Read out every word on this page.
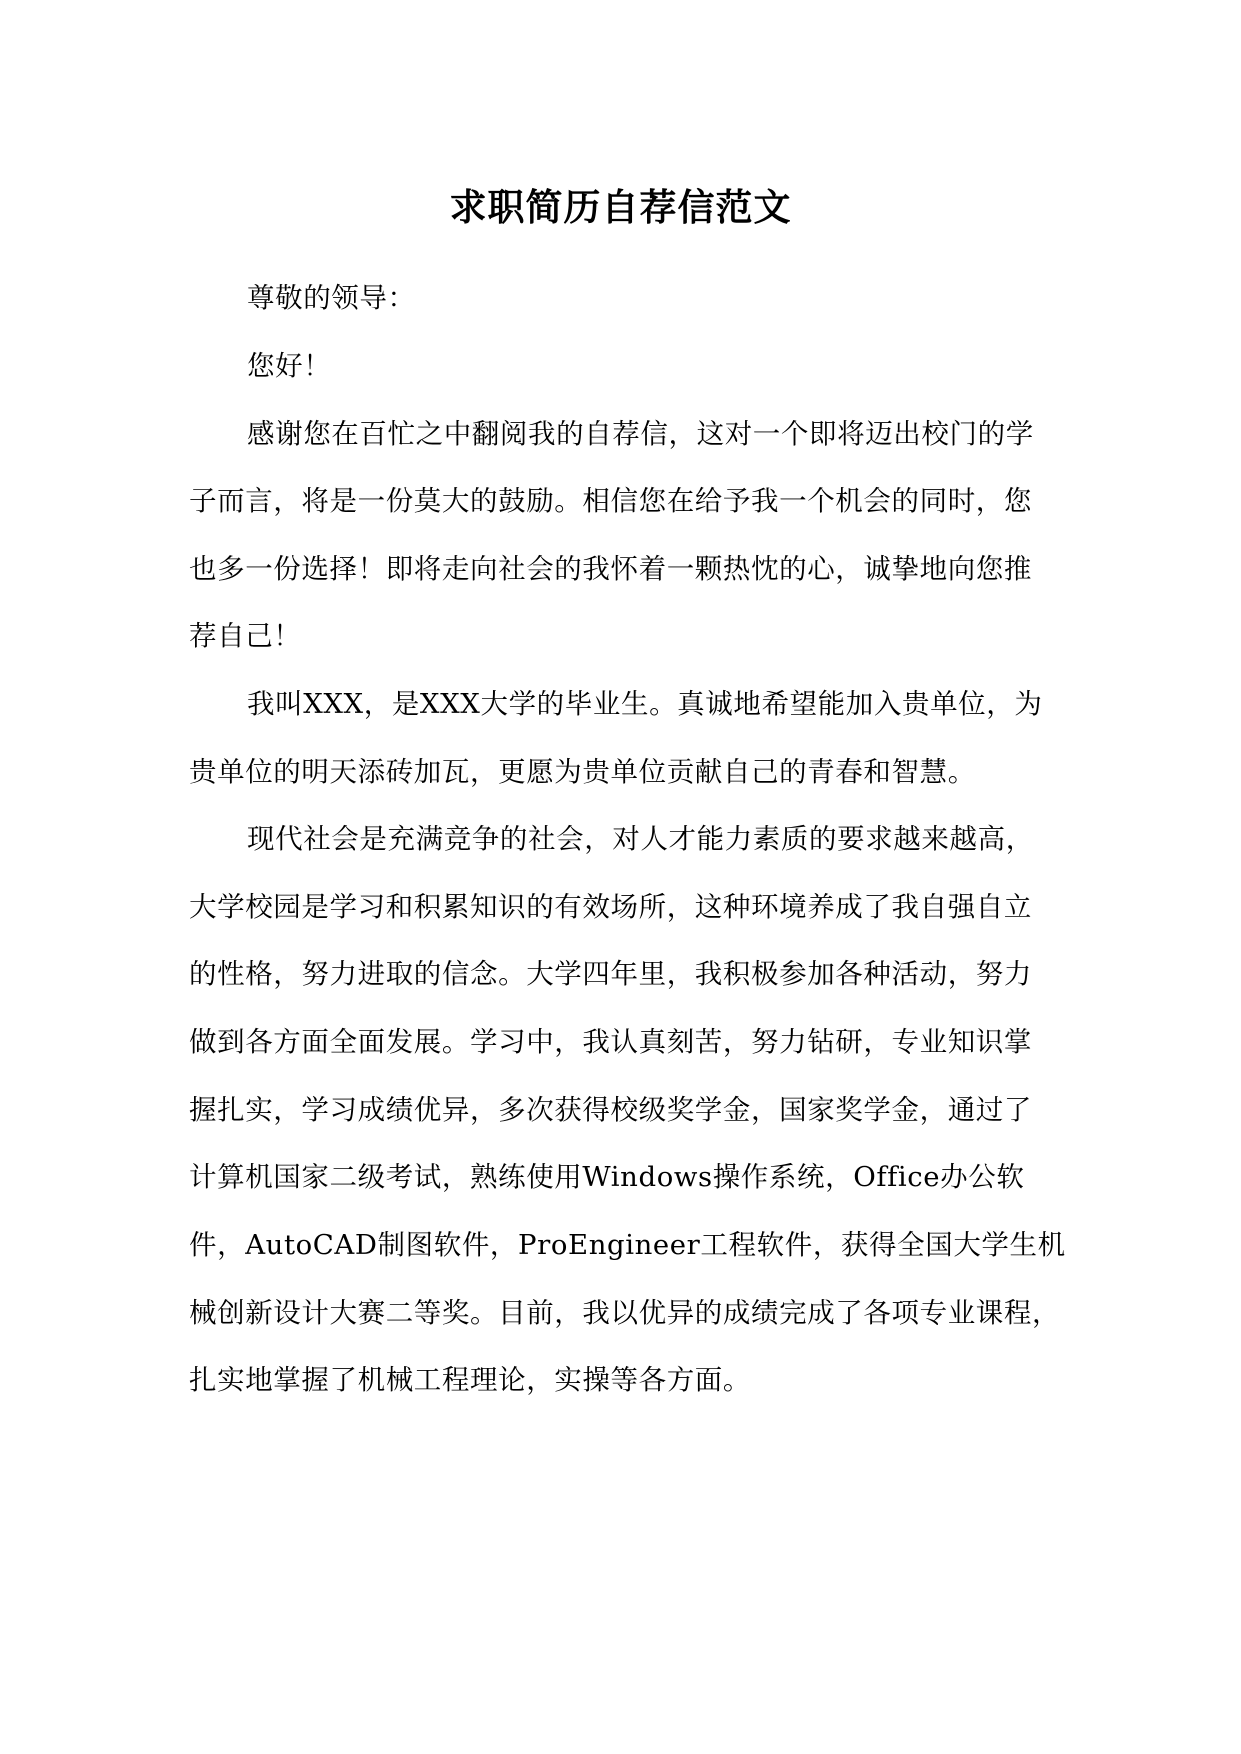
求职简历自荐信范文
尊敬的领导：
您好！
感谢您在百忙之中翻阅我的自荐信，这对一个即将迈出校门的学
子而言，将是一份莫大的鼓励。相信您在给予我一个机会的同时，您
也多一份选择！即将走向社会的我怀着一颗热忱的心，诚挚地向您推
荐自己！
我叫XXX，是XXX大学的毕业生。真诚地希望能加入贵单位，为
贵单位的明天添砖加瓦，更愿为贵单位贡献自己的青春和智慧。
现代社会是充满竞争的社会，对人才能力素质的要求越来越高，
大学校园是学习和积累知识的有效场所，这种环境养成了我自强自立
的性格，努力进取的信念。大学四年里，我积极参加各种活动，努力
做到各方面全面发展。学习中，我认真刻苦，努力钻研，专业知识掌
握扎实，学习成绩优异，多次获得校级奖学金，国家奖学金，通过了
计算机国家二级考试，熟练使用Windows操作系统，Office办公软
件，AutoCAD制图软件，ProEngineer工程软件，获得全国大学生机
械创新设计大赛二等奖。目前，我以优异的成绩完成了各项专业课程，
扎实地掌握了机械工程理论，实操等各方面。
